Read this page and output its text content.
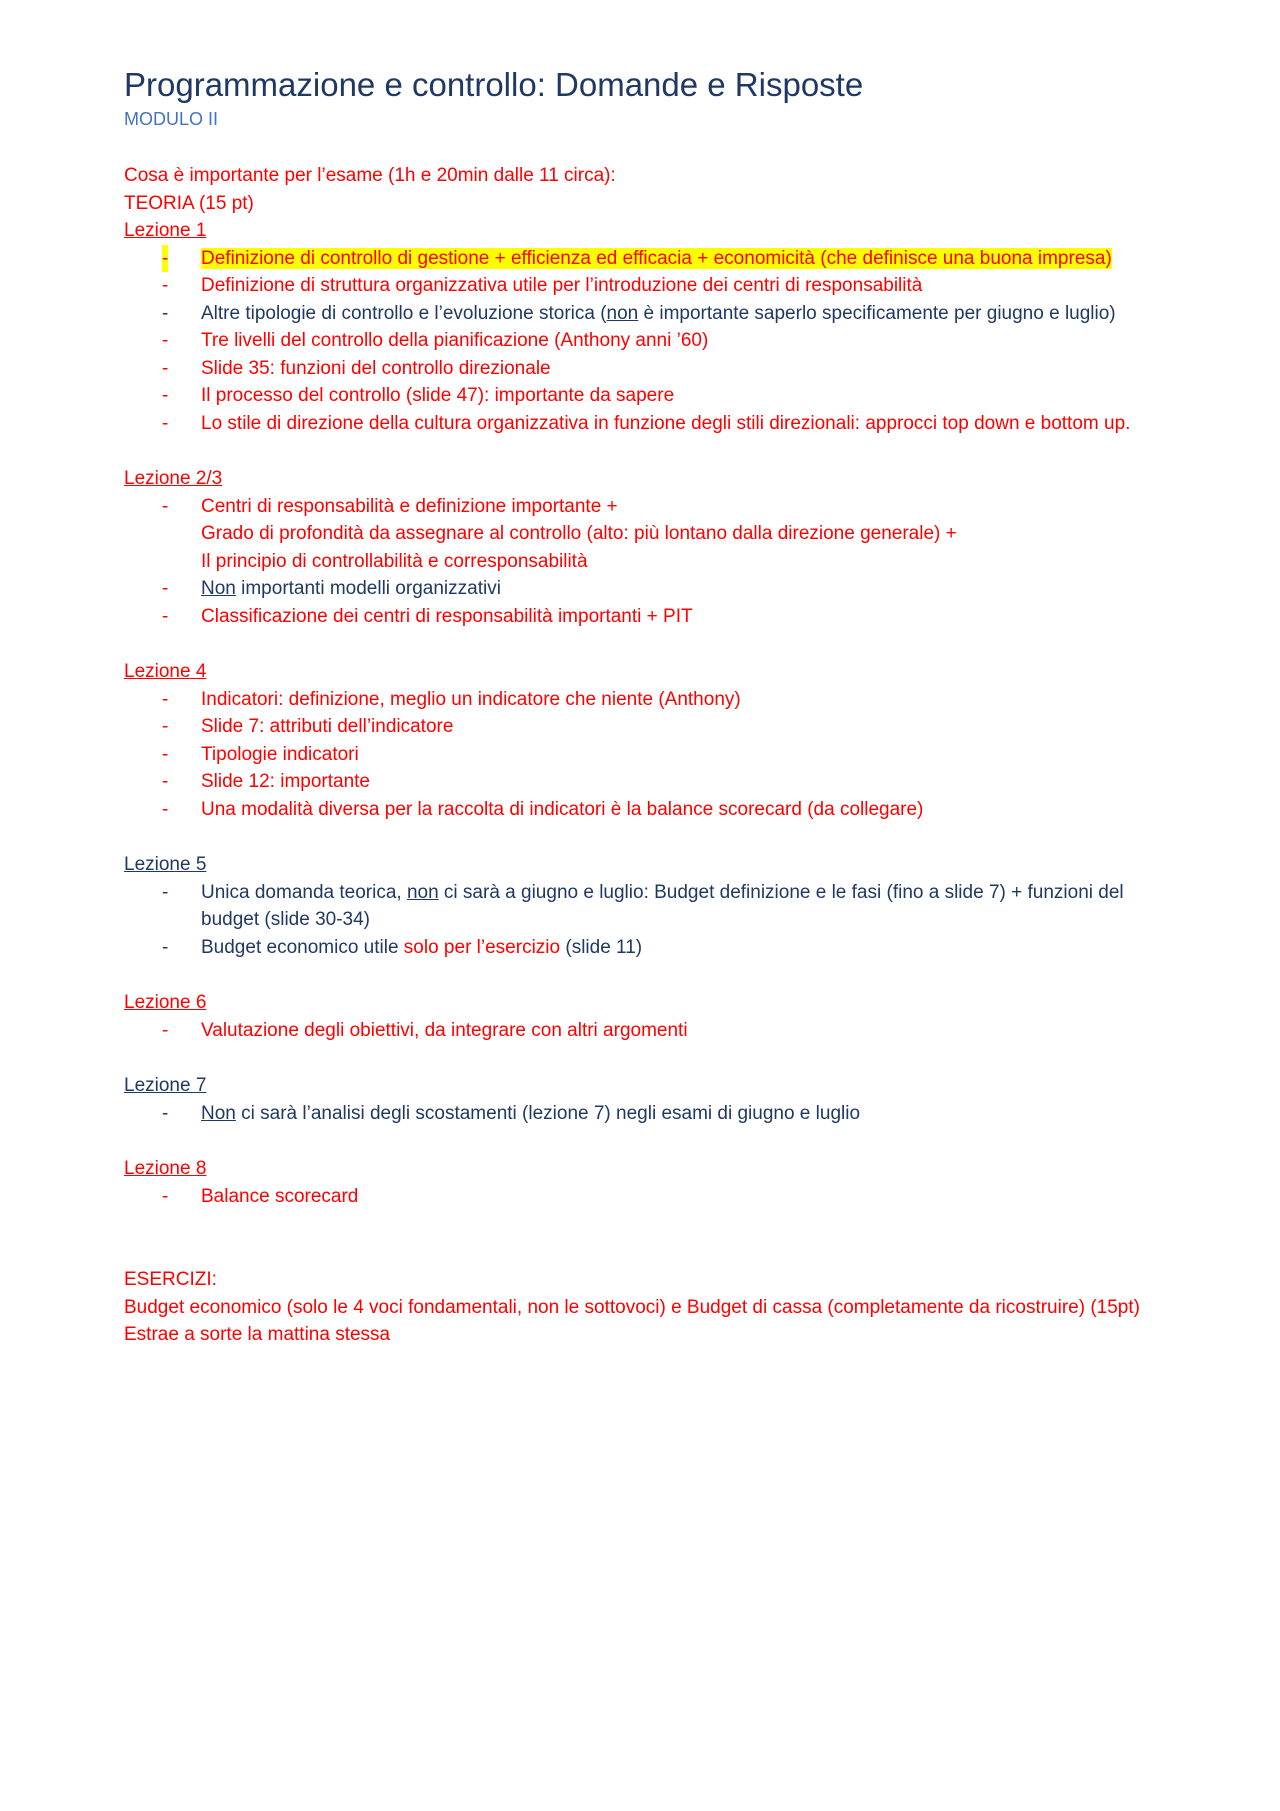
Programmazione e controllo: Domande e Risposte

MODULO II

Cosa è importante per l’esame (1h e 20min dalle 11 circa):

TEORIA (15 pt)

Lezione 1

- Definizione di controllo di gestione + efficienza ed efficacia + economicità (che definisce una buona impresa)
- Definizione di struttura organizzativa utile per l’introduzione dei centri di responsabilità
- Altre tipologie di controllo e l’evoluzione storica (non è importante saperlo specificamente per giugno e luglio)
- Tre livelli del controllo della pianificazione (Anthony anni ’60)
- Slide 35: funzioni del controllo direzionale
- Il processo del controllo (slide 47): importante da sapere
- Lo stile di direzione della cultura organizzativa in funzione degli stili direzionali: approcci top down e bottom up.

Lezione 2/3

- Centri di responsabilità e definizione importante +
Grado di profondità da assegnare al controllo (alto: più lontano dalla direzione generale) +
Il principio di controllabilità e corresponsabilità
- Non importanti modelli organizzativi
- Classificazione dei centri di responsabilità importanti + PIT

Lezione 4

- Indicatori: definizione, meglio un indicatore che niente (Anthony)
- Slide 7: attributi dell’indicatore
- Tipologie indicatori
- Slide 12: importante
- Una modalità diversa per la raccolta di indicatori è la balance scorecard (da collegare)

Lezione 5

- Unica domanda teorica, non ci sarà a giugno e luglio: Budget definizione e le fasi (fino a slide 7) + funzioni del budget (slide 30-34)
- Budget economico utile solo per l’esercizio (slide 11)

Lezione 6

- Valutazione degli obiettivi, da integrare con altri argomenti

Lezione 7

- Non ci sarà l’analisi degli scostamenti (lezione 7) negli esami di giugno e luglio

Lezione 8

- Balance scorecard

ESERCIZI:

Budget economico (solo le 4 voci fondamentali, non le sottovoci) e Budget di cassa (completamente da ricostruire) (15pt)

Estrae a sorte la mattina stessa
